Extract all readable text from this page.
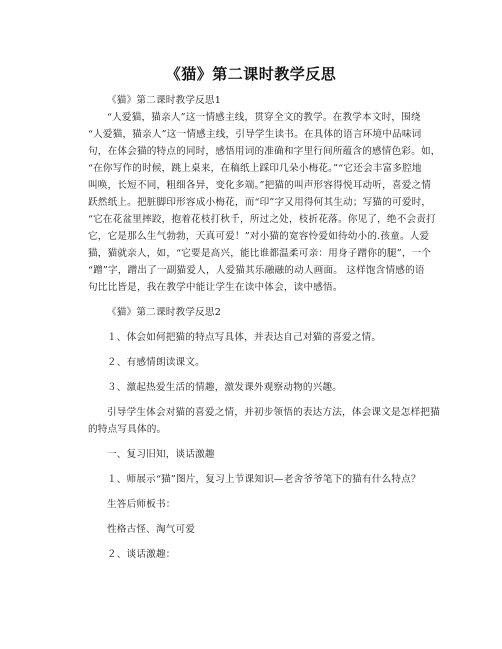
《猫》第二课时教学反思
《猫》第二课时教学反思1
“人爱猫，猫亲人”这一情感主线，贯穿全文的教学。在教学本文时，围绕
“人爱猫，猫亲人”这一情感主线，引导学生读书。在具体的语言环境中品味词
句，在体会猫的特点的同时，感悟用词的准确和字里行间所蕴含的感情色彩。如，
“在你写作的时候，跳上桌来，在稿纸上踩印几朵小梅花。”“它还会丰富多腔地
叫唤，长短不同，粗细各异，变化多端。”把猫的叫声形容得悦耳动听，喜爱之情
跃然纸上。把脏脚印形容成小梅花，而“印”字又用得何其生动；写猫的可爱时，
“它在花盆里摔跤，抱着花枝打秋千，所过之处，枝折花落。你见了，绝不会责打
它，它是那么生气勃勃，天真可爱！”对小猫的宽容怜爱如待幼小的.孩童。人爱
猫，猫就亲人，如，“它要是高兴，能比谁都温柔可亲：用身子蹭你的腿”，一个
“蹭”字，蹭出了一副猫爱人，人爱猫其乐融融的动人画面。 这样饱含情感的语
句比比皆是，我在教学中能让学生在读中体会，读中感悟。
《猫》第二课时教学反思2
１、体会如何把猫的特点写具体，并表达自己对猫的喜爱之情。
２、有感情朗读课文。
３、激起热爱生活的情趣，激发课外观察动物的兴趣。
引导学生体会对猫的喜爱之情，并初步领悟的表达方法，体会课文是怎样把猫
的特点写具体的。
一、复习旧知，谈话激趣
１、师展示“猫”图片，复习上节课知识—老舍爷爷笔下的猫有什么特点？
生答后师板书：
性格古怪、淘气可爱
２、谈话激趣：
